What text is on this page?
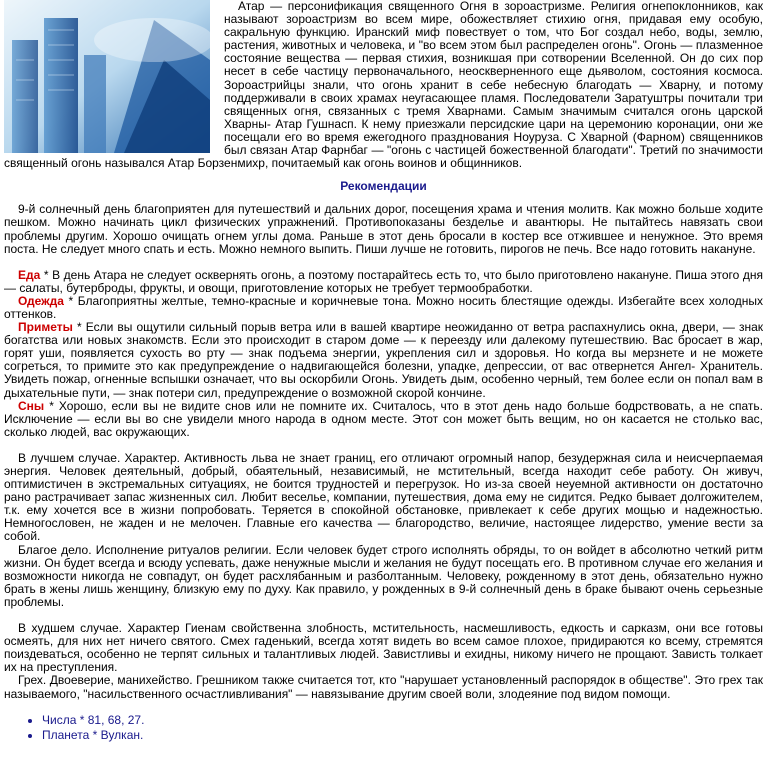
Атар — персонификация священного Огня в зороастризме. Религия огнепоклонников, как называют зороастризм во всем мире, обожествляет стихию огня, придавая ему особую, сакральную функцию. Иранский миф повествует о том, что Бог создал небо, воды, землю, растения, животных и человека, и "во всем этом был распределен огонь". Огонь — плазменное состояние вещества — первая стихия, возникшая при сотворении Вселенной. Он до сих пор несет в себе частицу первоначального, неоскверненного еще дьяволом, состояния космоса. Зороастрийцы знали, что огонь хранит в себе небесную благодать — Хварну, и потому поддерживали в своих храмах неугасающее пламя. Последователи Заратуштры почитали три священных огня, связанных с тремя Хварнами. Самым значимым считался огонь царской Хварны- Атар Гушнасп. К нему приезжали персидские цари на церемонию коронации, они же посещали его во время ежегодного празднования Ноуруза. С Хварной (Фарном) священников был связан Атар Фарнбаг — "огонь с частицей божественной благодати". Третий по значимости священный огонь назывался Атар Борзенмихр, почитаемый как огонь воинов и общинников.

Рекомендации

9-й солнечный день благоприятен для путешествий и дальних дорог, посещения храма и чтения молитв. Как можно больше ходите пешком. Можно начинать цикл физических упражнений. Противопоказаны безделье и авантюры. Не пытайтесь навязать свои проблемы другим. Хорошо очищать огнем углы дома. Раньше в этот день бросали в костер все отжившее и ненужное. Это время поста. Не следует много спать и есть. Можно немного выпить. Пиши лучше не готовить, пирогов не печь. Все надо готовить накануне.

Еда * В день Атара не следует осквернять огонь, а поэтому постарайтесь есть то, что было приготовлено накануне. Пиша этого дня — салаты, бутерброды, фрукты, и овощи, приготовление которых не требует термообработки.

Одежда * Благоприятны желтые, темно-красные и коричневые тона. Можно носить блестящие одежды. Избегайте всех холодных оттенков.

Приметы * Если вы ощутили сильный порыв ветра или в вашей квартире неожиданно от ветра распахнулись окна, двери, — знак богатства или новых знакомств. Если это происходит в старом доме — к переезду или далекому путешествию. Вас бросает в жар, горят уши, появляется сухость во рту — знак подъема энергии, укрепления сил и здоровья. Но когда вы мерзнете и не можете согреться, то примите это как предупреждение о надвигающейся болезни, упадке, депрессии, от вас отвернется Ангел- Хранитель. Увидеть пожар, огненные вспышки означает, что вы оскорбили Огонь. Увидеть дым, особенно черный, тем более если он попал вам в дыхательные пути, — знак потери сил, предупреждение о возможной скорой кончине.

Сны * Хорошо, если вы не видите снов или не помните их. Считалось, что в этот день надо больше бодрствовать, а не спать. Исключение — если вы во сне увидели много народа в одном месте. Этот сон может быть вещим, но он касается не столько вас, сколько людей, вас окружающих.

В лучшем случае. Характер. Активность льва не знает границ, его отличают огромный напор, безудержная сила и неисчерпаемая энергия. Человек деятельный, добрый, обаятельный, независимый, не мстительный, всегда находит себе работу. Он живуч, оптимистичен в экстремальных ситуациях, не боится трудностей и перегрузок. Но из-за своей неуемной активности он достаточно рано растрачивает запас жизненных сил. Любит веселье, компании, путешествия, дома ему не сидится. Редко бывает долгожителем, т.к. ему хочется все в жизни попробовать. Теряется в спокойной обстановке, привлекает к себе других мощью и надежностью. Немногословен, не жаден и не мелочен. Главные его качества — благородство, величие, настоящее лидерство, умение вести за собой.

Благое дело. Исполнение ритуалов религии. Если человек будет строго исполнять обряды, то он войдет в абсолютно четкий ритм жизни. Он будет всегда и всюду успевать, даже ненужные мысли и желания не будут посещать его. В противном случае его желания и возможности никогда не совпадут, он будет расхлябанным и разболтанным. Человеку, рожденному в этот день, обязательно нужно брать в жены лишь женщину, близкую ему по духу. Как правило, у рожденных в 9-й солнечный день в браке бывают очень серьезные проблемы.

В худшем случае. Характер Гиенам свойственна злобность, мстительность, насмешливость, едкость и сарказм, они все готовы осмеять, для них нет ничего святого. Смех гаденький, всегда хотят видеть во всем самое плохое, придираются ко всему, стремятся поиздеваться, особенно не терпят сильных и талантливых людей. Завистливы и ехидны, никому ничего не прощают. Зависть толкает их на преступления.

Грех. Двоеверие, манихейство. Грешником также считается тот, кто "нарушает установленный распорядок в обществе". Это грех так называемого, "насильственного осчастливливания" — навязывание другим своей воли, злодеяние под видом помощи.

• Числа * 81, 68, 27.
• Планета * Вулкан.
